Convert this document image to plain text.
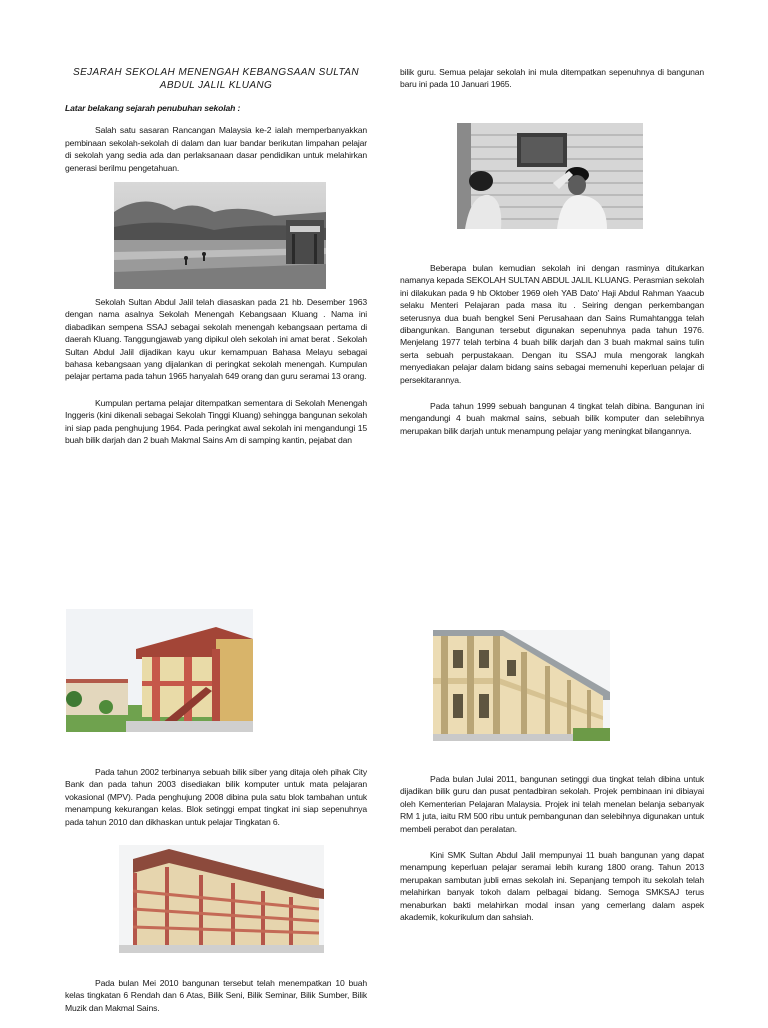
SEJARAH SEKOLAH MENENGAH KEBANGSAAN SULTAN ABDUL JALIL KLUANG
Latar belakang sejarah penubuhan sekolah :

Salah satu sasaran Rancangan Malaysia ke-2 ialah memperbanyakkan pembinaan sekolah-sekolah di dalam dan luar bandar berikutan limpahan pelajar di sekolah yang sedia ada dan perlaksanaan dasar pendidikan untuk melahirkan generasi berilmu pengetahuan.

Sekolah Sultan Abdul Jalil telah diasaskan pada 21 hb. Desember 1963 dengan nama asalnya Sekolah Menengah Kebangsaan Kluang . Nama ini diabadikan sempena SSAJ sebagai sekolah menengah kebangsaan pertama di daerah Kluang. Tanggungjawab yang dipikul oleh sekolah ini amat berat . Sekolah Sultan Abdul Jalil dijadikan kayu ukur kemampuan Bahasa Melayu sebagai bahasa kebangsaan yang dijalankan di peringkat sekolah menengah. Kumpulan pelajar pertama pada tahun 1965 hanyalah 649 orang dan guru seramai 13 orang.

Kumpulan pertama pelajar ditempatkan sementara di Sekolah Menengah Inggeris (kini dikenali sebagai Sekolah Tinggi Kluang) sehingga bangunan sekolah ini siap pada penghujung 1964. Pada peringkat awal sekolah ini mengandungi 15 buah bilik darjah dan 2 buah Makmal Sains Am di samping kantin, pejabat dan

Pada tahun 2002 terbinanya sebuah bilik siber yang ditaja oleh pihak City Bank dan pada tahun 2003 disediakan bilik komputer untuk mata pelajaran vokasional (MPV). Pada penghujung 2008 dibina pula satu blok tambahan untuk menampung kekurangan kelas. Blok setinggi empat tingkat ini siap sepenuhnya pada tahun 2010 dan dikhaskan untuk pelajar Tingkatan 6.

Pada bulan Mei 2010 bangunan tersebut telah menempatkan 10 buah kelas tingkatan 6 Rendah dan 6 Atas, Bilik Seni, Bilik Seminar, Bilik Sumber, Bilik Muzik dan Makmal Sains.

bilik guru. Semua pelajar sekolah ini mula ditempatkan sepenuhnya di bangunan baru ini pada 10 Januari 1965.

Beberapa bulan kemudian sekolah ini dengan rasminya ditukarkan namanya kepada SEKOLAH SULTAN ABDUL JALIL KLUANG. Perasmian sekolah ini dilakukan pada 9 hb Oktober 1969 oleh YAB Dato' Haji Abdul Rahman Yaacub selaku Menteri Pelajaran pada masa itu . Seiring dengan perkembangan seterusnya dua buah bengkel Seni Perusahaan dan Sains Rumahtangga telah dibangunkan. Bangunan tersebut digunakan sepenuhnya pada tahun 1976. Menjelang 1977 telah terbina 4 buah bilik darjah dan 3 buah makmal sains tulin serta sebuah perpustakaan. Dengan itu SSAJ mula mengorak langkah menyediakan pelajar dalam bidang sains sebagai memenuhi keperluan pelajar di persekitarannya.

Pada tahun 1999 sebuah bangunan 4 tingkat telah dibina. Bangunan ini mengandungi 4 buah makmal sains, sebuah bilik komputer dan selebihnya merupakan bilik darjah untuk menampung pelajar yang meningkat bilangannya.

Pada bulan Julai 2011, bangunan setinggi dua tingkat telah dibina untuk dijadikan bilik guru dan pusat pentadbiran sekolah. Projek pembinaan ini dibiayai oleh Kementerian Pelajaran Malaysia. Projek ini telah menelan belanja sebanyak RM 1 juta, iaitu RM 500 ribu untuk pembangunan dan selebihnya digunakan untuk membeli perabot dan peralatan.

Kini SMK Sultan Abdul Jalil mempunyai 11 buah bangunan yang dapat menampung keperluan pelajar seramai lebih kurang 1800 orang. Tahun 2013 merupakan sambutan jubli emas sekolah ini. Sepanjang tempoh itu sekolah telah melahirkan banyak tokoh dalam pelbagai bidang. Semoga SMKSAJ terus menaburkan bakti melahirkan modal insan yang cemerlang dalam aspek akademik, kokurikulum dan sahsiah.
